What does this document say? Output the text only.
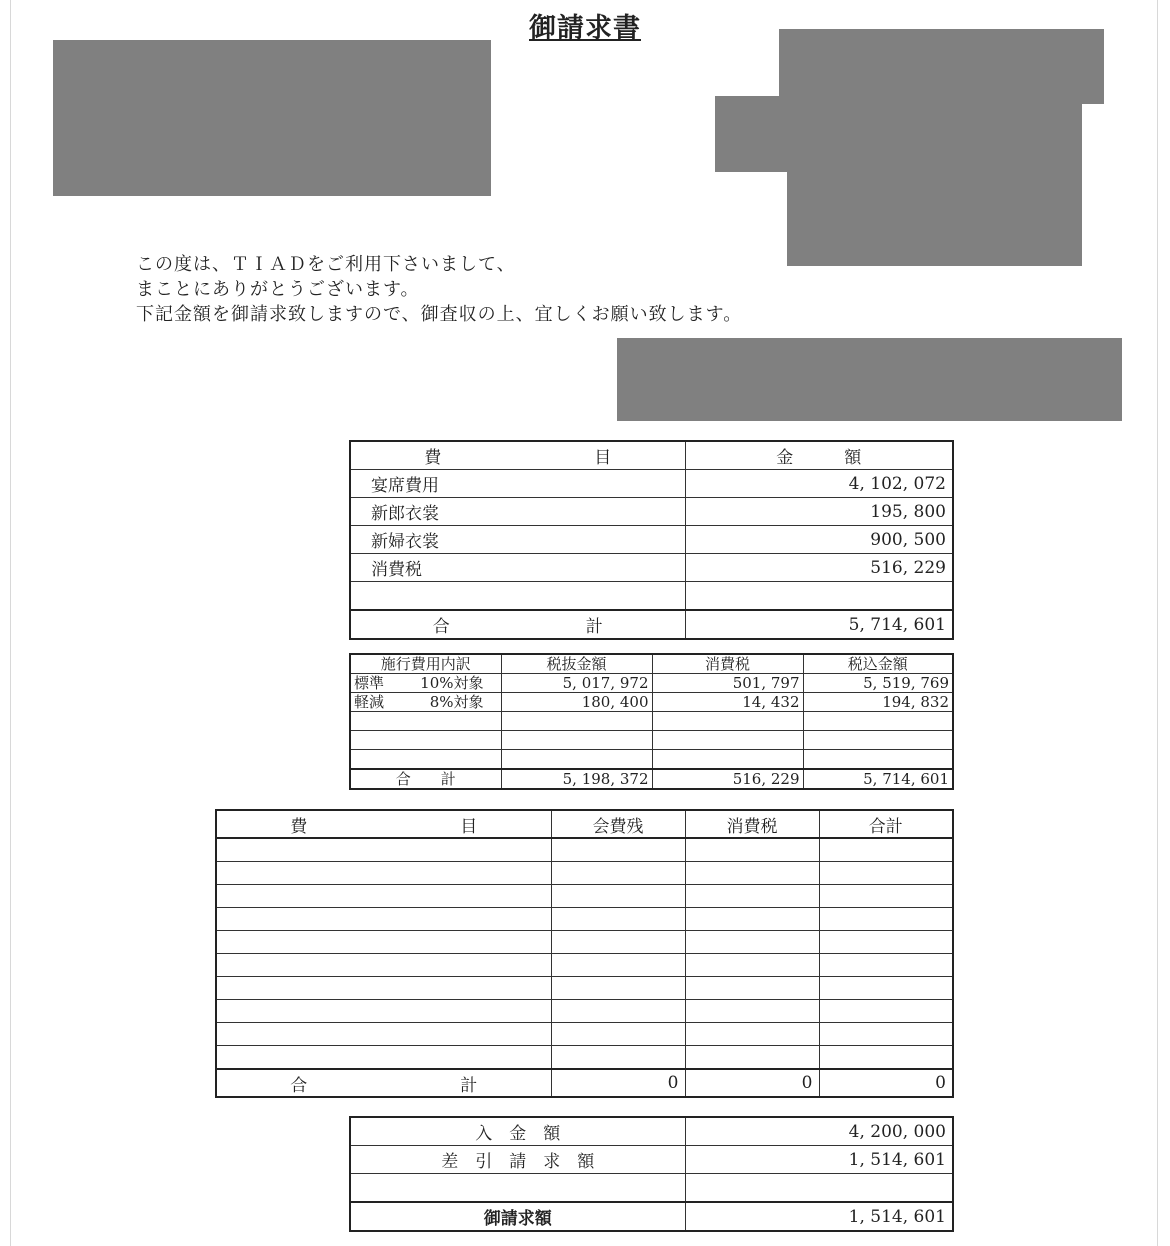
御請求書
この度は、ＴＩＡＤをご利用下さいまして、
まことにありがとうございます。
下記金額を御請求致しますので、御査収の上、宜しくお願い致します。
費　　　　　　　　　目	金　　　額
宴席費用	4, 102, 072
新郎衣裳	195, 800
新婦衣裳	900, 500
消費税	516, 229

合　　　　　　　　計	5, 714, 601
施行費用内訳	税抜金額	消費税	税込金額
標準 10%対象	5, 017, 972	501, 797	5, 519, 769
軽減 8%対象	180, 400	14, 432	194, 832

合　　計	5, 198, 372	516, 229	5, 714, 601
費　　　　　　　　　目	会費残	消費税	合計

合　　　　　　　　　計	0	0	0
入　金　額	4, 200, 000
差　引　請　求　額	1, 514, 601

御請求額	1, 514, 601
